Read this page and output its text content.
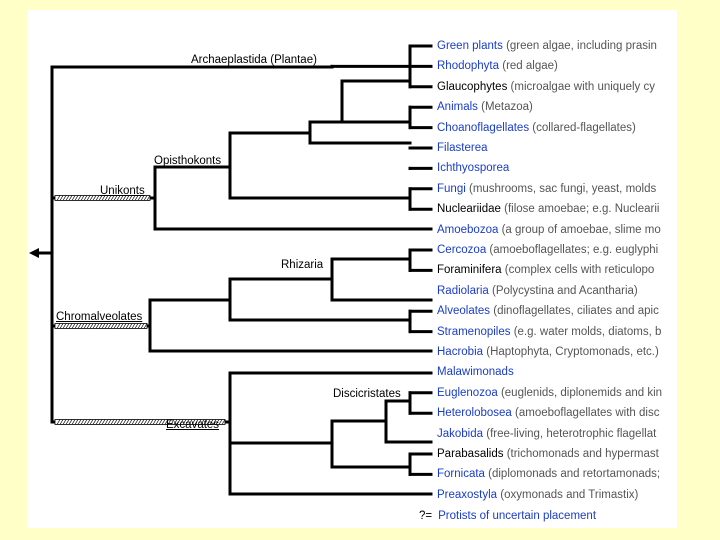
Archaeplastida (Plantae)
Opisthokonts
Unikonts
Rhizaria
Chromalveolates
Discicristates
Excavates
Green plants (green algae, including prasin
Rhodophyta (red algae)
Glaucophytes (microalgae with uniquely cy
Animals (Metazoa)
Choanoflagellates (collared-flagellates)
Filasterea
Ichthyosporea
Fungi (mushrooms, sac fungi, yeast, molds
Nucleariidae (filose amoebae; e.g. Nuclearii
Amoebozoa (a group of amoebae, slime mo
Cercozoa (amoeboflagellates; e.g. euglyphi
Foraminifera (complex cells with reticulopo
Radiolaria (Polycystina and Acantharia)
Alveolates (dinoflagellates, ciliates and apic
Stramenopiles (e.g. water molds, diatoms, b
Hacrobia (Haptophyta, Cryptomonads, etc.)
Malawimonads
Euglenozoa (euglenids, diplonemids and kin
Heterolobosea (amoeboflagellates with disc
Jakobida (free-living, heterotrophic flagellat
Parabasalids (trichomonads and hypermast
Fornicata (diplomonads and retortamonads;
Preaxostyla (oxymonads and Trimastix)
?= Protists of uncertain placement
